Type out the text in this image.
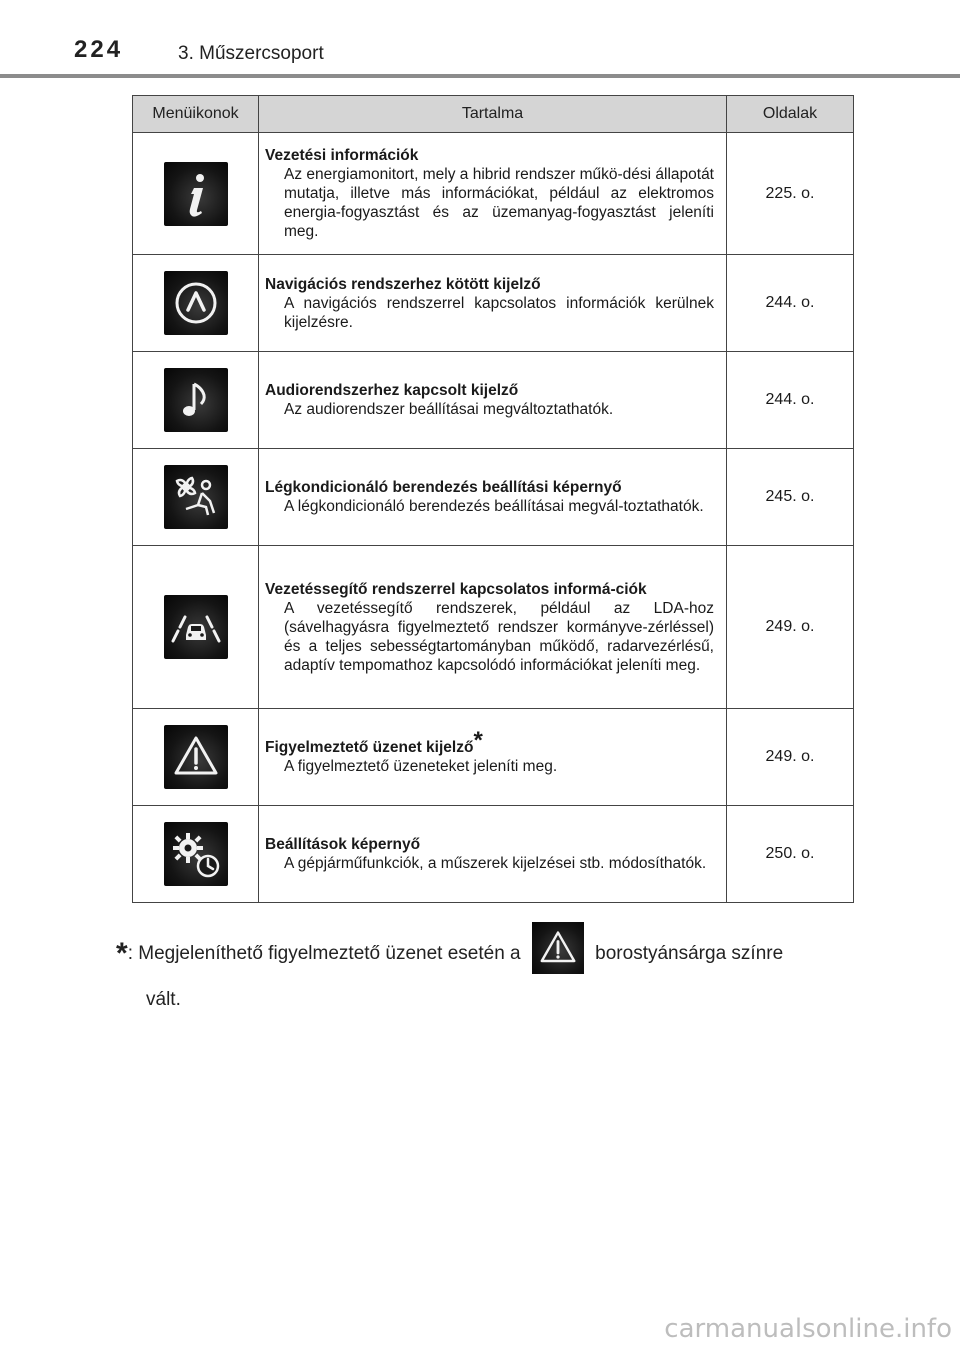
224	3. Műszercsoport
Menüikonok	Tartalma	Oldalak

Vezetési információk
Az energiamonitort, mely a hibrid rendszer műkö-dési állapotát mutatja, illetve más információkat, például az elektromos energia-fogyasztást és az üzemanyag-fogyasztást jeleníti meg.	225. o.

Navigációs rendszerhez kötött kijelző
A navigációs rendszerrel kapcsolatos információk kerülnek kijelzésre.	244. o.

Audiorendszerhez kapcsolt kijelző
Az audiorendszer beállításai megváltoztathatók.	244. o.

Légkondicionáló berendezés beállítási képernyő
A légkondicionáló berendezés beállításai megvál-toztathatók.	245. o.

Vezetéssegítő rendszerrel kapcsolatos informá-ciók
A vezetéssegítő rendszerek, például az LDA-hoz (sávelhagyásra figyelmeztető rendszer kormányve-zérléssel) és a teljes sebességtartományban működő, radarvezérlésű, adaptív tempomathoz kapcsolódó információkat jeleníti meg.	249. o.

Figyelmeztető üzenet kijelző*
A figyelmeztető üzeneteket jeleníti meg.	249. o.

Beállítások képernyő
A gépjárműfunkciók, a műszerek kijelzései stb. módosíthatók.	250. o.
*: Megjeleníthető figyelmeztető üzenet esetén a	borostyánsárga színre
vált.
carmanualsonline.info
